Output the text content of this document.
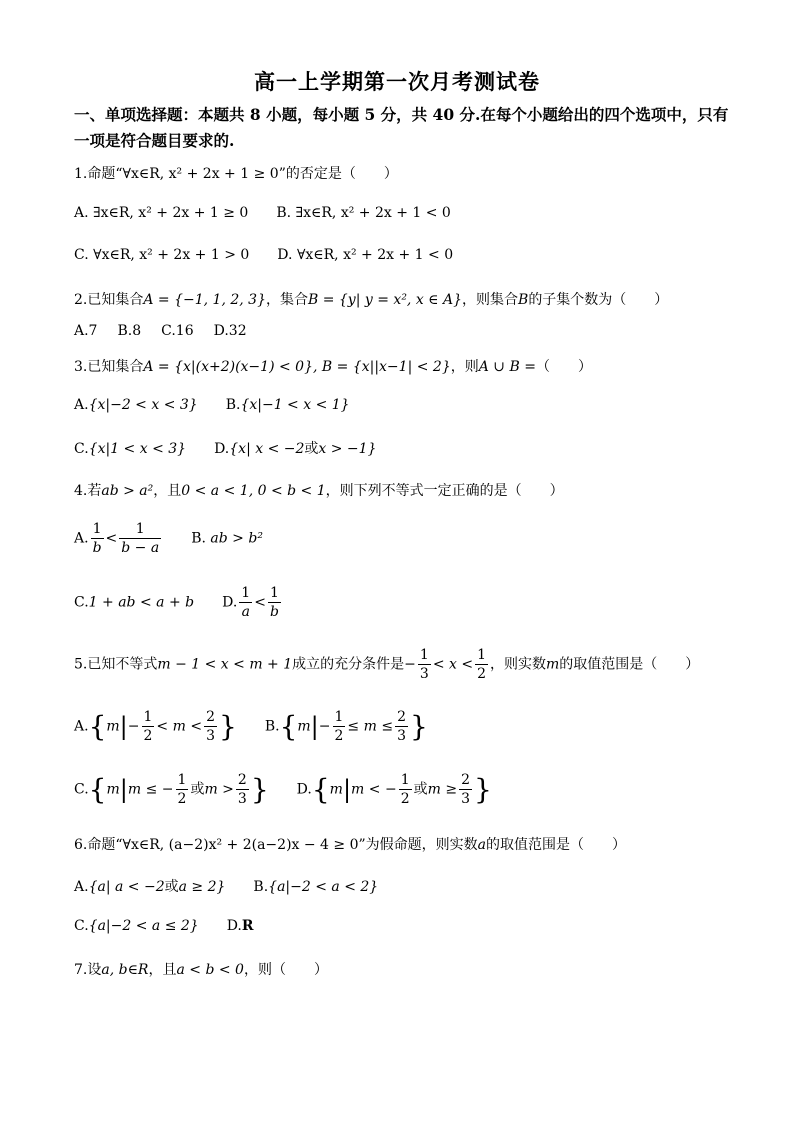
高一上学期第一次月考测试卷
一、单项选择题：本题共 8 小题，每小题 5 分，共 40 分.在每个小题给出的四个选项中，只有一项是符合题目要求的.
1.命题“∀x∈R, x² + 2x + 1 ≥ 0”的否定是（　　）
A. ∃x∈R, x² + 2x + 1 ≥ 0 B. ∃x∈R, x² + 2x + 1 < 0
C. ∀x∈R, x² + 2x + 1 > 0 D. ∀x∈R, x² + 2x + 1 < 0
2.已知集合A = {−1, 1, 2, 3}，集合B = {y| y = x², x ∈ A}，则集合B的子集个数为（　　）
A.7 B.8 C.16 D.32
3.已知集合A = {x|(x+2)(x−1) < 0}, B = {x||x−1| < 2}，则A ∪ B =（　　）
A.{x|−2 < x < 3} B.{x|−1 < x < 1}
C.{x|1 < x < 3} D.{x| x < −2或x > −1}
4.若ab > a²，且0 < a < 1, 0 < b < 1，则下列不等式一定正确的是（　　）
A. $\frac{1}{b} < \frac{1}{b - a} B$. ab > b²
C.1 + ab < a + b D. $\frac{1}{a} < \frac{1}{b}$
5.已知不等式m − 1 < x < m + 1成立的充分条件是− $\frac{1}{3} < x < \frac{1}{2}$ ，则实数m的取值范围是（　　）
$A.\{m|- \frac{1}{2} < m < \frac{2}{3}$ } $B.\{m|- \frac{1}{2} \le m \le \frac{2}{3}$ }
C.{m|m ≤ − $\frac{1}{2}$ 或$m > \frac{2}{3}$ } D.{m|m < − $\frac{1}{2}$ 或$m \ge \frac{2}{3}$ }
6.命题“∀x∈R, (a−2)x² + 2(a−2)x − 4 ≥ 0”为假命题，则实数a的取值范围是（　　）
A.{a| a < −2或a ≥ 2} B.{a|−2 < a < 2}
C.{a|−2 < a ≤ 2} D.R
7.设a, b∈R，且a < b < 0，则（　　）
